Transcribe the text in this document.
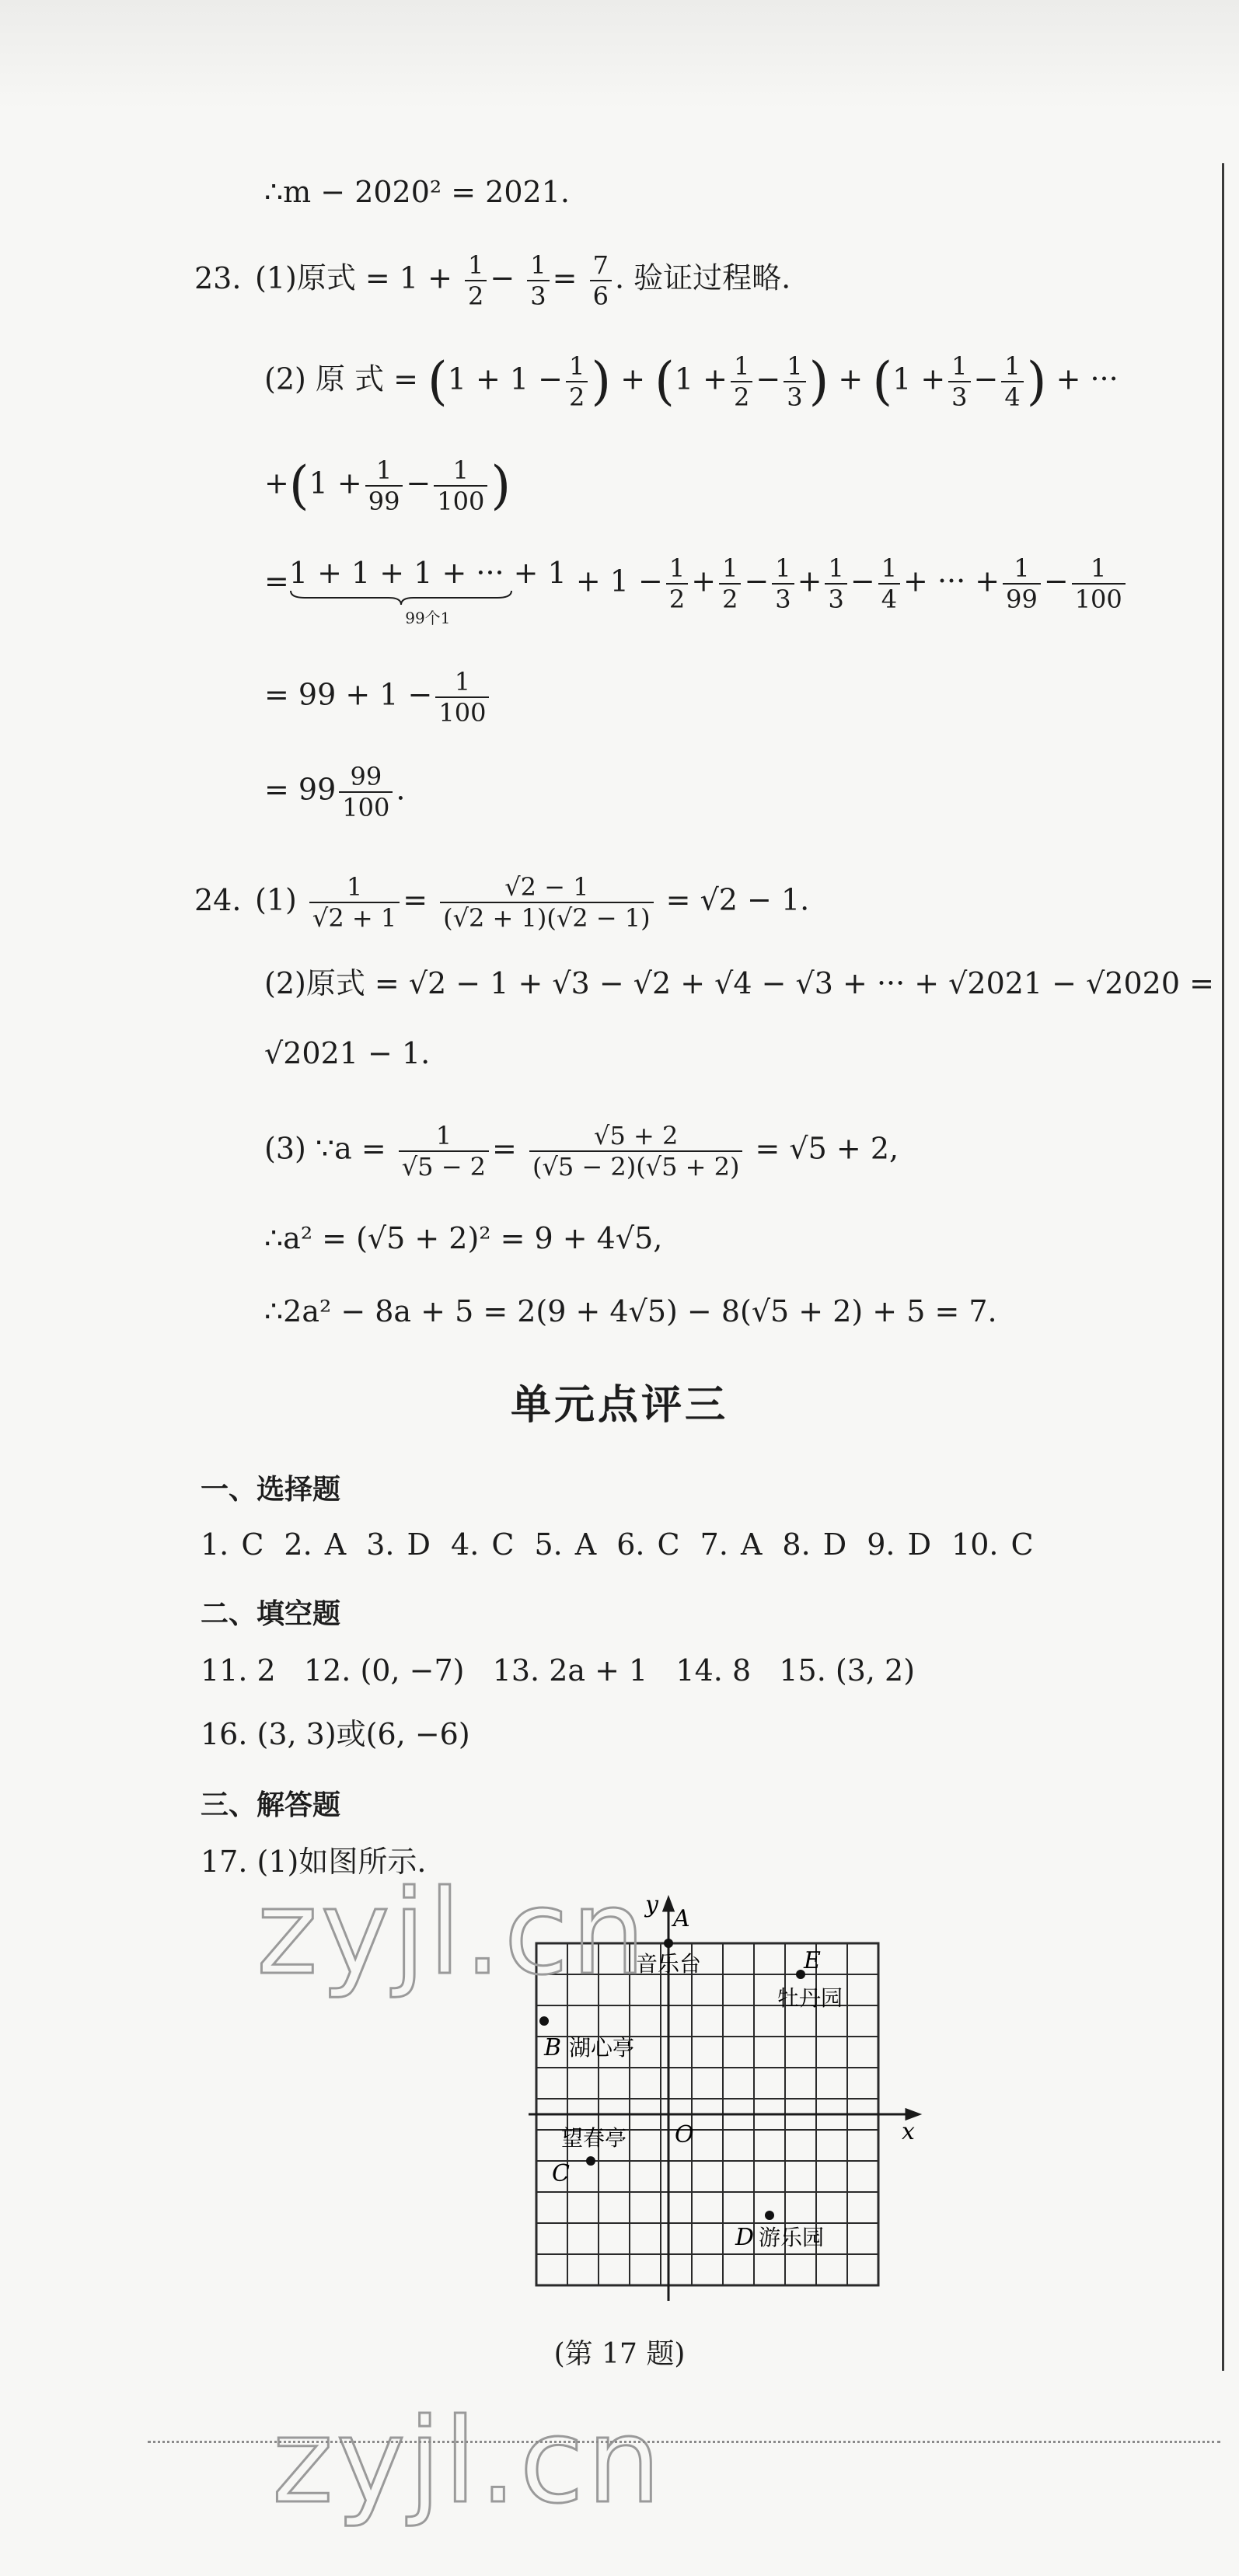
∴m − 2020² = 2021.
23. (1)原式 = $1 + \frac{1}{2} - \frac{1}{3} = \frac{7}{6}$ . 验证过程略.
(2) 原 式 = ($1 + 1 - \frac{1}{2}$ ) + ($1 + \frac{1}{2} - \frac{1}{3}$ ) + ($1 + \frac{1}{3} - \frac{1}{4}$ ) + ···
$+(1 + \frac{1}{99} - \frac{1}{100}$ )
=1 + 1 + 1 + ··· + 1
99个1
+ $1 - \frac{1}{2} + \frac{1}{2} - \frac{1}{3} + \frac{1}{3} - \frac{1}{4}$ + ··· + $\frac{1}{99} - \frac{1}{100}$
= $99 + 1 - \frac{1}{100}$
= $99 \frac{99}{100}$ .
24. $(1) \frac{1}{√2 + 1} = \frac{√2 - 1}{(√2 + 1)(√2 - 1)} = √2 - 1$.
(2)原式 = √2 − 1 + √3 − √2 + √4 − √3 + ··· + √2021 − √2020 =
√2021 − 1.
(3) ∵a = $\frac{1}{√5 - 2} = \frac{√5 + 2}{(√5 - 2)(√5 + 2)} = √5 + 2$,
∴a² = (√5 + 2)² = 9 + 4√5,
∴2a² − 8a + 5 = 2(9 + 4√5) − 8(√5 + 2) + 5 = 7.
单元点评三
一、选择题
1. C 2. A 3. D 4. C 5. A 6. C 7. A 8. D 9. D 10. C
二、填空题
11. 2   12. (0, −7)   13. 2a + 1   14. 8   15. (3, 2)
16. (3, 3)或(6, −6)
三、解答题
17. (1)如图所示.
x
y
O
A
音乐台	E
牡丹园
B 湖心亭
C
望春亭
D 游乐园
zyjl.cn
zyjl.cn
(第 17 题)
